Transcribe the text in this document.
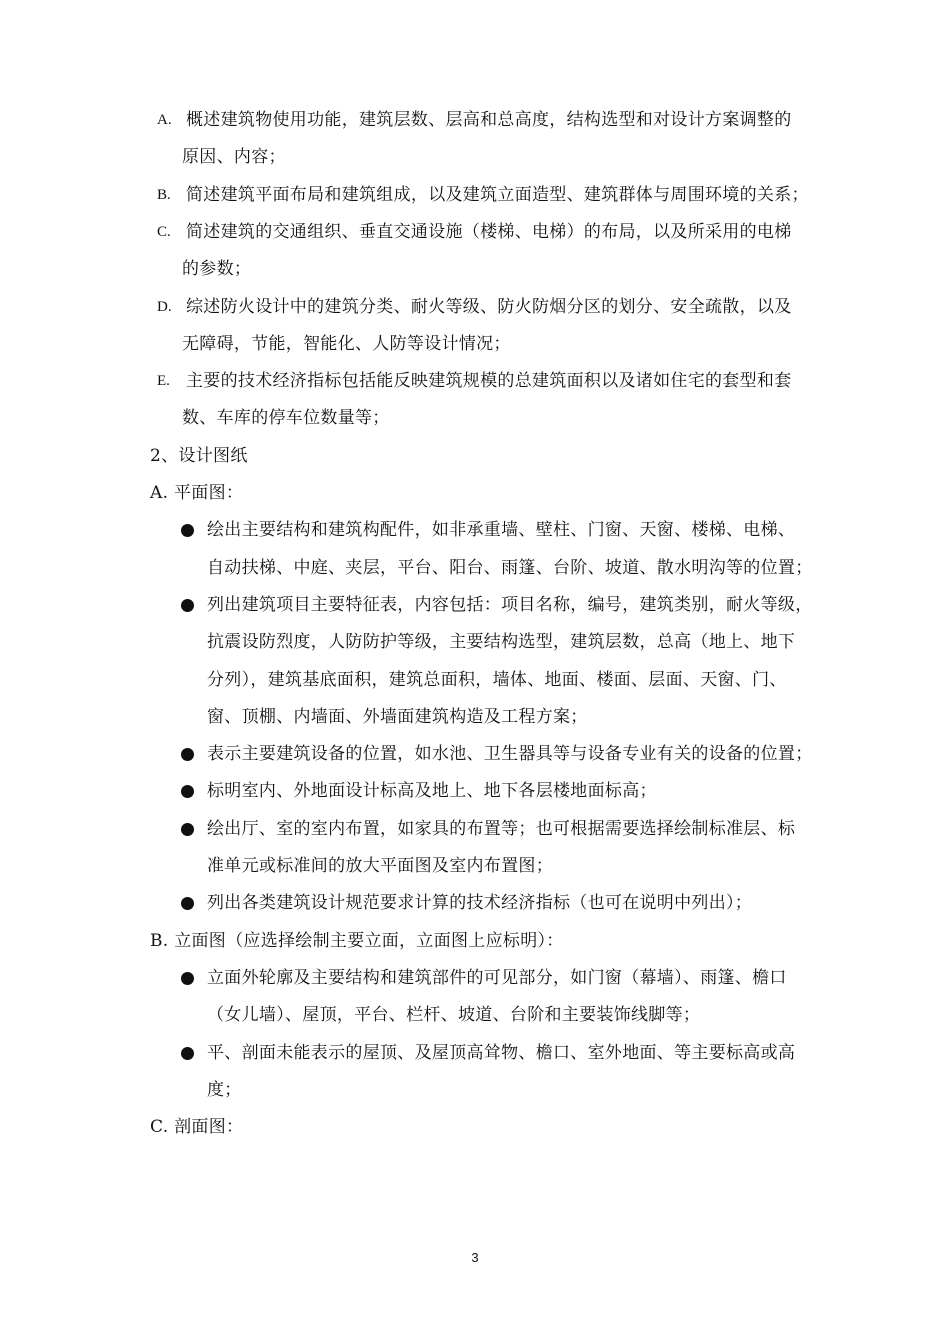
A. 概述建筑物使用功能，建筑层数、层高和总高度，结构选型和对设计方案调整的
原因、内容；
B. 简述建筑平面布局和建筑组成，以及建筑立面造型、建筑群体与周围环境的关系；
C. 简述建筑的交通组织、垂直交通设施（楼梯、电梯）的布局，以及所采用的电梯
的参数；
D. 综述防火设计中的建筑分类、耐火等级、防火防烟分区的划分、安全疏散，以及
无障碍，节能，智能化、人防等设计情况；
E. 主要的技术经济指标包括能反映建筑规模的总建筑面积以及诸如住宅的套型和套
数、车库的停车位数量等；
2、设计图纸
A. 平面图：
绘出主要结构和建筑构配件，如非承重墙、壁柱、门窗、天窗、楼梯、电梯、
自动扶梯、中庭、夹层，平台、阳台、雨篷、台阶、坡道、散水明沟等的位置；
列出建筑项目主要特征表，内容包括：项目名称，编号，建筑类别，耐火等级，
抗震设防烈度，人防防护等级，主要结构选型，建筑层数，总高（地上、地下
分列），建筑基底面积，建筑总面积，墙体、地面、楼面、层面、天窗、门、
窗、顶棚、内墙面、外墙面建筑构造及工程方案；
表示主要建筑设备的位置，如水池、卫生器具等与设备专业有关的设备的位置；
标明室内、外地面设计标高及地上、地下各层楼地面标高；
绘出厅、室的室内布置，如家具的布置等；也可根据需要选择绘制标准层、标
准单元或标准间的放大平面图及室内布置图；
列出各类建筑设计规范要求计算的技术经济指标（也可在说明中列出）；
B. 立面图（应选择绘制主要立面，立面图上应标明）：
立面外轮廓及主要结构和建筑部件的可见部分，如门窗（幕墙）、雨篷、檐口
（女儿墙）、屋顶，平台、栏杆、坡道、台阶和主要装饰线脚等；
平、剖面未能表示的屋顶、及屋顶高耸物、檐口、室外地面、等主要标高或高
度；
C. 剖面图：
3
